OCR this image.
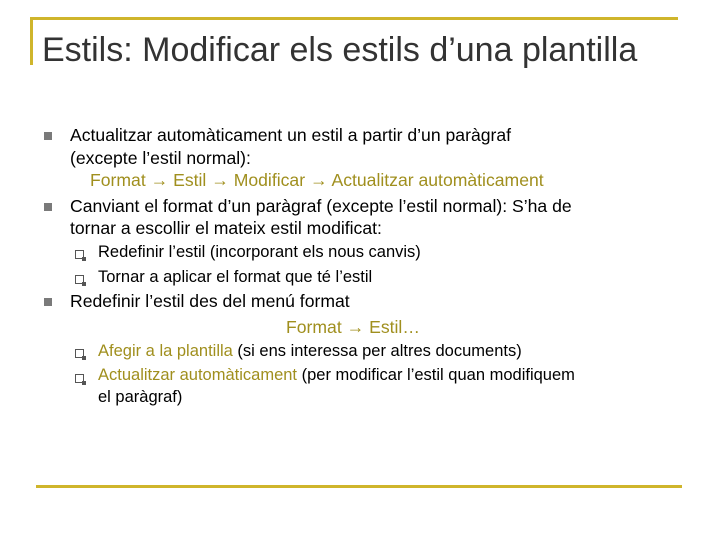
Estils: Modificar els estils d’una plantilla
Actualitzar automàticament un estil a partir d’un paràgraf
(excepte l’estil normal):
Format → Estil → Modificar → Actualitzar automàticament
Canviant el format d’un paràgraf (excepte l’estil normal): S’ha de
tornar a escollir el mateix estil modificat:
Redefinir l’estil (incorporant els nous canvis)
Tornar a aplicar el format que té l’estil
Redefinir l’estil des del menú format
Format → Estil…
Afegir a la plantilla (si ens interessa per altres documents)
Actualitzar automàticament (per modificar l’estil quan modifiquem
el paràgraf)
